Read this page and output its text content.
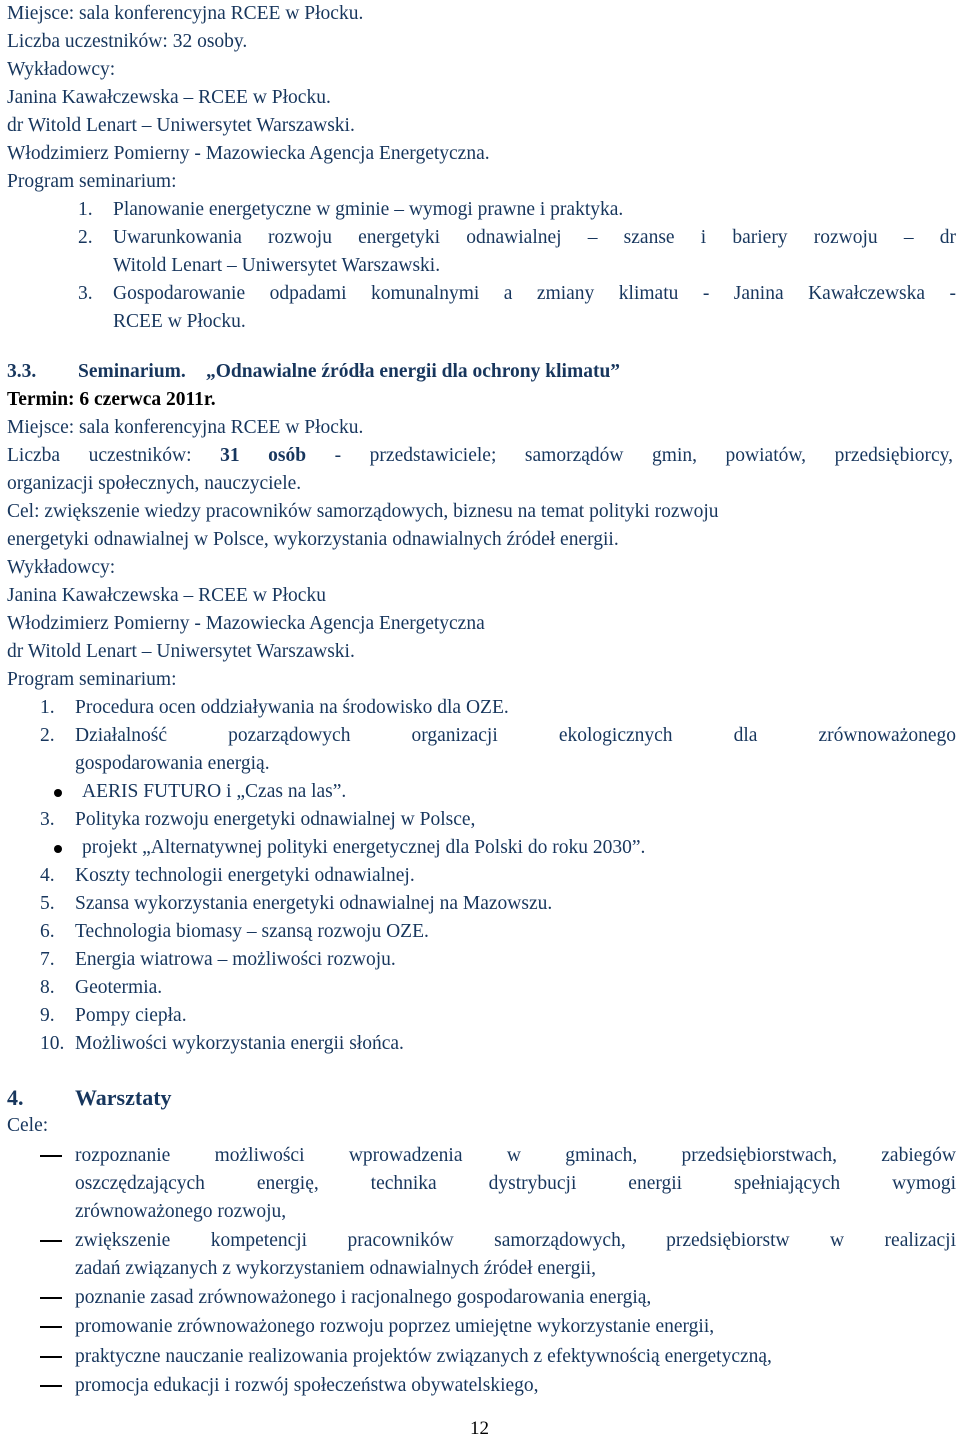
Miejsce: sala konferencyjna RCEE w Płocku.
Liczba uczestników: 32 osoby.
Wykładowcy:
Janina Kawałczewska – RCEE w Płocku.
dr Witold Lenart – Uniwersytet Warszawski.
Włodzimierz Pomierny - Mazowiecka Agencja Energetyczna.
Program seminarium:
1. Planowanie energetyczne w gminie – wymogi prawne i praktyka.
2. Uwarunkowania rozwoju energetyki odnawialnej – szanse i bariery rozwoju – dr
Witold Lenart – Uniwersytet Warszawski.
3. Gospodarowanie odpadami komunalnymi a zmiany klimatu - Janina Kawałczewska -
RCEE w Płocku.
3.3. Seminarium. „Odnawialne źródła energii dla ochrony klimatu”
Termin: 6 czerwca 2011r.
Miejsce: sala konferencyjna RCEE w Płocku.
Liczba uczestników: 31 osób - przedstawiciele; samorządów gmin, powiatów, przedsiębiorcy,
organizacji społecznych, nauczyciele.
Cel: zwiększenie wiedzy pracowników samorządowych, biznesu na temat polityki rozwoju
energetyki odnawialnej w Polsce, wykorzystania odnawialnych źródeł energii.
Wykładowcy:
Janina Kawałczewska – RCEE w Płocku
Włodzimierz Pomierny - Mazowiecka Agencja Energetyczna
dr Witold Lenart – Uniwersytet Warszawski.
Program seminarium:
1. Procedura ocen oddziaływania na środowisko dla OZE.
2. Działalność pozarządowych organizacji ekologicznych dla zrównoważonego
gospodarowania energią.
AERIS FUTURO i „Czas na las”.
3. Polityka rozwoju energetyki odnawialnej w Polsce,
projekt „Alternatywnej polityki energetycznej dla Polski do roku 2030”.
4. Koszty technologii energetyki odnawialnej.
5. Szansa wykorzystania energetyki odnawialnej na Mazowszu.
6. Technologia biomasy – szansą rozwoju OZE.
7. Energia wiatrowa – możliwości rozwoju.
8. Geotermia.
9. Pompy ciepła.
10. Możliwości wykorzystania energii słońca.
4. Warsztaty
Cele:
rozpoznanie możliwości wprowadzenia w gminach, przedsiębiorstwach, zabiegów
oszczędzających energię, technika dystrybucji energii spełniających wymogi
zrównoważonego rozwoju,
zwiększenie kompetencji pracowników samorządowych, przedsiębiorstw w realizacji
zadań związanych z wykorzystaniem odnawialnych źródeł energii,
poznanie zasad zrównoważonego i racjonalnego gospodarowania energią,
promowanie zrównoważonego rozwoju poprzez umiejętne wykorzystanie energii,
praktyczne nauczanie realizowania projektów związanych z efektywnością energetyczną,
promocja edukacji i rozwój społeczeństwa obywatelskiego,
12
